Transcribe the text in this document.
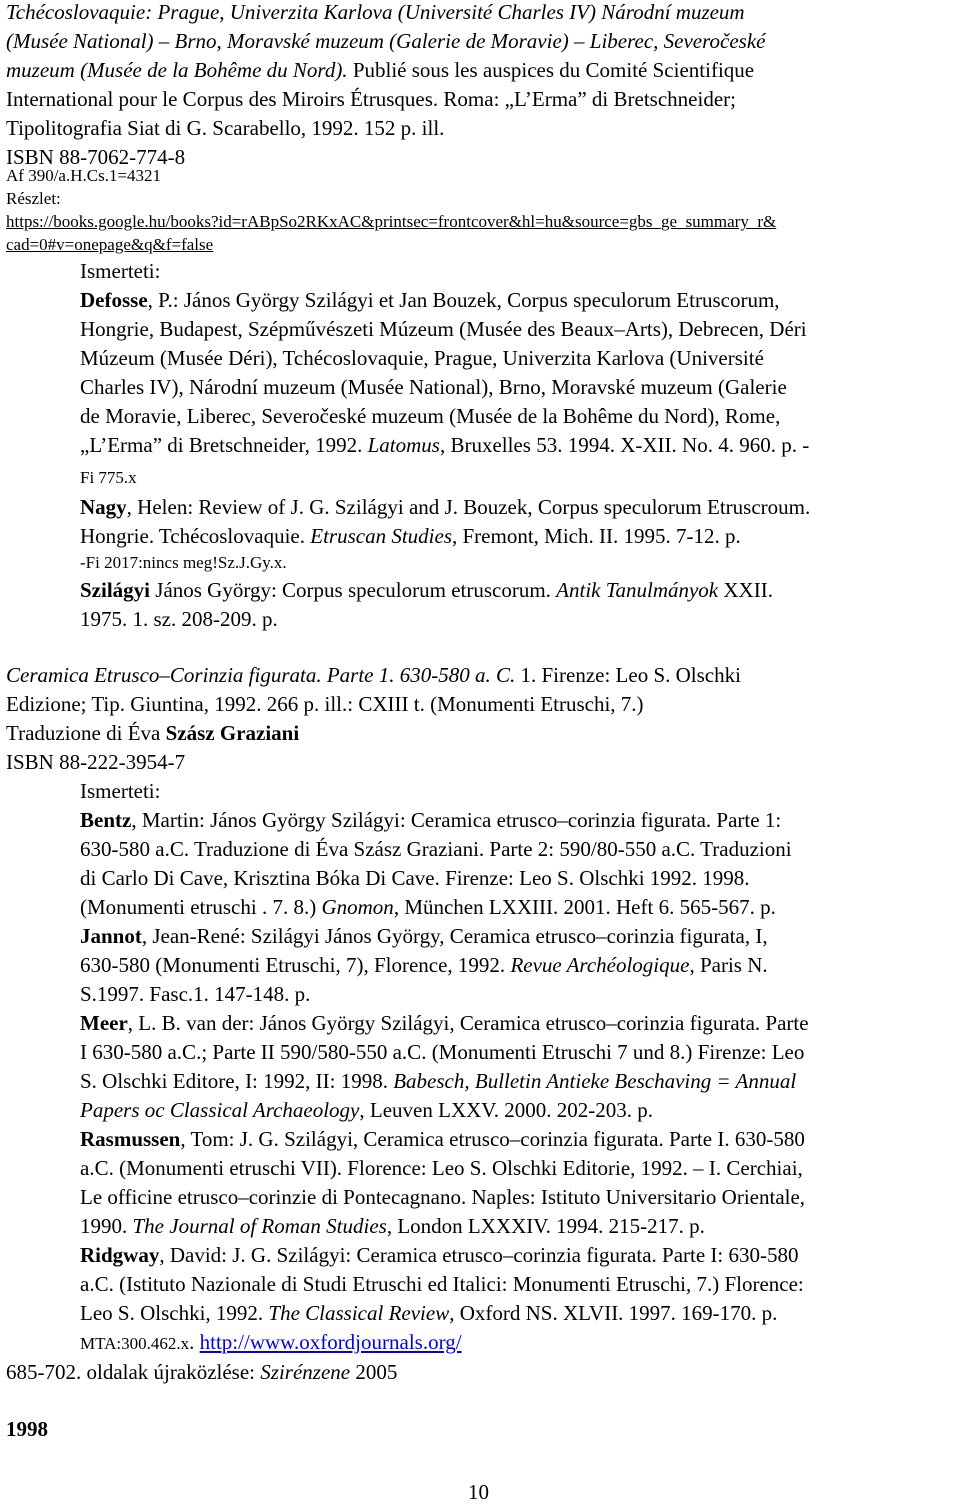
Tchécoslovaquie: Prague, Univerzita Karlova (Université Charles IV) Národní muzeum
(Musée National) – Brno, Moravské muzeum (Galerie de Moravie) – Liberec, Severočeské
muzeum (Musée de la Bohême du Nord). Publié sous les auspices du Comité Scientifique
International pour le Corpus des Miroirs Étrusques. Roma: „L’Erma” di Bretschneider;
Tipolitografia Siat di G. Scarabello, 1992. 152 p. ill.
ISBN 88-7062-774-8
Af 390/a.H.Cs.1=4321
Részlet:
https://books.google.hu/books?id=rABpSo2RKxAC&printsec=frontcover&hl=hu&source=gbs_ge_summary_r&
cad=0#v=onepage&q&f=false
Ismerteti:
Defosse, P.: János György Szilágyi et Jan Bouzek, Corpus speculorum Etruscorum,
Hongrie, Budapest, Szépművészeti Múzeum (Musée des Beaux–Arts), Debrecen, Déri
Múzeum (Musée Déri), Tchécoslovaquie, Prague, Univerzita Karlova (Université
Charles IV), Národní muzeum (Musée National), Brno, Moravské muzeum (Galerie
de Moravie, Liberec, Severočeské muzeum (Musée de la Bohême du Nord), Rome,
„L’Erma” di Bretschneider, 1992. Latomus, Bruxelles 53. 1994. X-XII. No. 4. 960. p. -
Fi 775.x
Nagy, Helen: Review of J. G. Szilágyi and J. Bouzek, Corpus speculorum Etruscroum.
Hongrie. Tchécoslovaquie. Etruscan Studies, Fremont, Mich. II. 1995. 7-12. p.
-Fi 2017:nincs meg!Sz.J.Gy.x.
Szilágyi János György: Corpus speculorum etruscorum. Antik Tanulmányok XXII.
1975. 1. sz. 208-209. p.
Ceramica Etrusco–Corinzia figurata. Parte 1. 630-580 a. C. 1. Firenze: Leo S. Olschki
Edizione; Tip. Giuntina, 1992. 266 p. ill.: CXIII t. (Monumenti Etruschi, 7.)
Traduzione di Éva Szász Graziani
ISBN 88-222-3954-7
Ismerteti:
Bentz, Martin: János György Szilágyi: Ceramica etrusco–corinzia figurata. Parte 1:
630-580 a.C. Traduzione di Éva Szász Graziani. Parte 2: 590/80-550 a.C. Traduzioni
di Carlo Di Cave, Krisztina Bóka Di Cave. Firenze: Leo S. Olschki 1992. 1998.
(Monumenti etruschi . 7. 8.) Gnomon, München LXXIII. 2001. Heft 6. 565-567. p.
Jannot, Jean-René: Szilágyi János György, Ceramica etrusco–corinzia figurata, I,
630-580 (Monumenti Etruschi, 7), Florence, 1992. Revue Archéologique, Paris N.
S.1997. Fasc.1. 147-148. p.
Meer, L. B. van der: János György Szilágyi, Ceramica etrusco–corinzia figurata. Parte
I 630-580 a.C.; Parte II 590/580-550 a.C. (Monumenti Etruschi 7 und 8.) Firenze: Leo
S. Olschki Editore, I: 1992, II: 1998. Babesch, Bulletin Antieke Beschaving = Annual
Papers oc Classical Archaeology, Leuven LXXV. 2000. 202-203. p.
Rasmussen, Tom: J. G. Szilágyi, Ceramica etrusco–corinzia figurata. Parte I. 630-580
a.C. (Monumenti etruschi VII). Florence: Leo S. Olschki Editorie, 1992. – I. Cerchiai,
Le officine etrusco–corinzie di Pontecagnano. Naples: Istituto Universitario Orientale,
1990. The Journal of Roman Studies, London LXXXIV. 1994. 215-217. p.
Ridgway, David: J. G. Szilágyi: Ceramica etrusco–corinzia figurata. Parte I: 630-580
a.C. (Istituto Nazionale di Studi Etruschi ed Italici: Monumenti Etruschi, 7.) Florence:
Leo S. Olschki, 1992. The Classical Review, Oxford NS. XLVII. 1997. 169-170. p.
MTA:300.462.x. http://www.oxfordjournals.org/
685-702. oldalak újraközlése: Szirénzene 2005
1998
10
